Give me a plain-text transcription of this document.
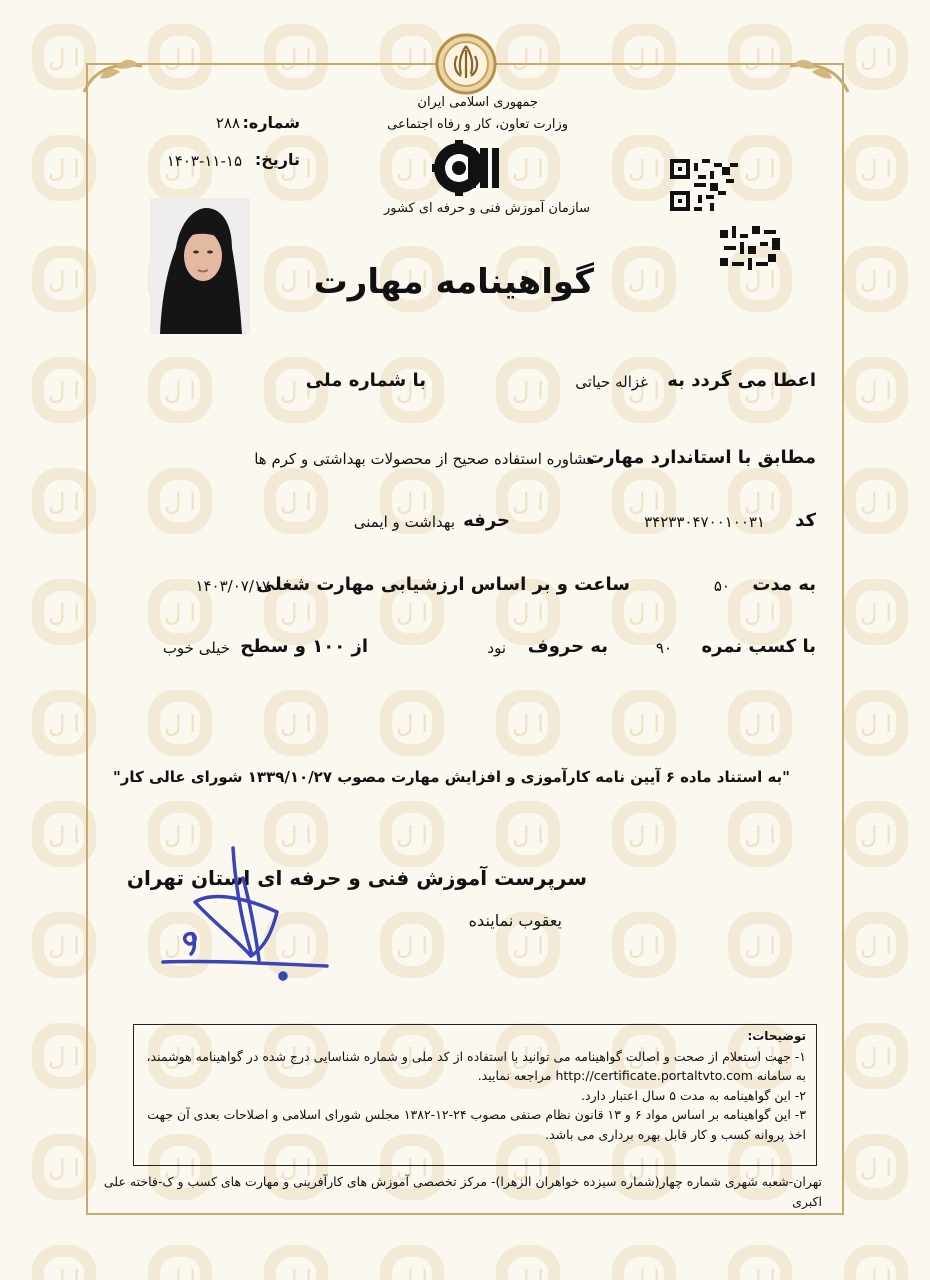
جمهوری اسلامی ایران
وزارت تعاون، کار و رفاه اجتماعی
سازمان آموزش فنی و حرفه ای کشور
شماره:
۲۸۸
تاریخ:
۱۴۰۳-۱۱-۱۵
گواهینامه مهارت
اعطا می گردد به
غزاله حیاتی
با شماره ملی
مطابق با استاندارد مهارت
مشاوره استفاده صحیح از محصولات بهداشتی و کرم ها
کد
۳۴۲۳۳۰۴۷۰۰۱۰۰۳۱
حرفه
بهداشت و ایمنی
به مدت
۵۰
ساعت و بر اساس ارزشیابی مهارت شغلی
۱۴۰۳/۰۷/۱۷
با کسب نمره
۹۰
به حروف
نود
از ۱۰۰ و سطح
خیلی خوب
"به استناد ماده ۶ آیین نامه کارآموزی و افزایش مهارت مصوب ۱۳۳۹/۱۰/۲۷ شورای عالی کار"
سرپرست آموزش فنی و حرفه ای استان تهران
یعقوب نماینده

توضیحات:

۱- جهت استعلام از صحت و اصالت گواهینامه می توانید با استفاده از کد ملی و شماره شناسایی درج شده در گواهینامه هوشمند، به سامانه http://certificate.portaltvto.com مراجعه نمایید.

۲- این گواهینامه به مدت ۵ سال اعتبار دارد.

۳- این گواهینامه بر اساس مواد ۶ و ۱۳ قانون نظام صنفی مصوب ۲۴-۱۲-۱۳۸۲ مجلس شورای اسلامی و اصلاحات بعدی آن جهت اخذ پروانه کسب و کار قابل بهره برداری می باشد.

تهران-شعبه شهری شماره چهار(شماره سیزده خواهران الزهرا)- مرکز تخصصی آموزش های کارآفرینی و مهارت های کسب و ک-فاخته علی اکبری
